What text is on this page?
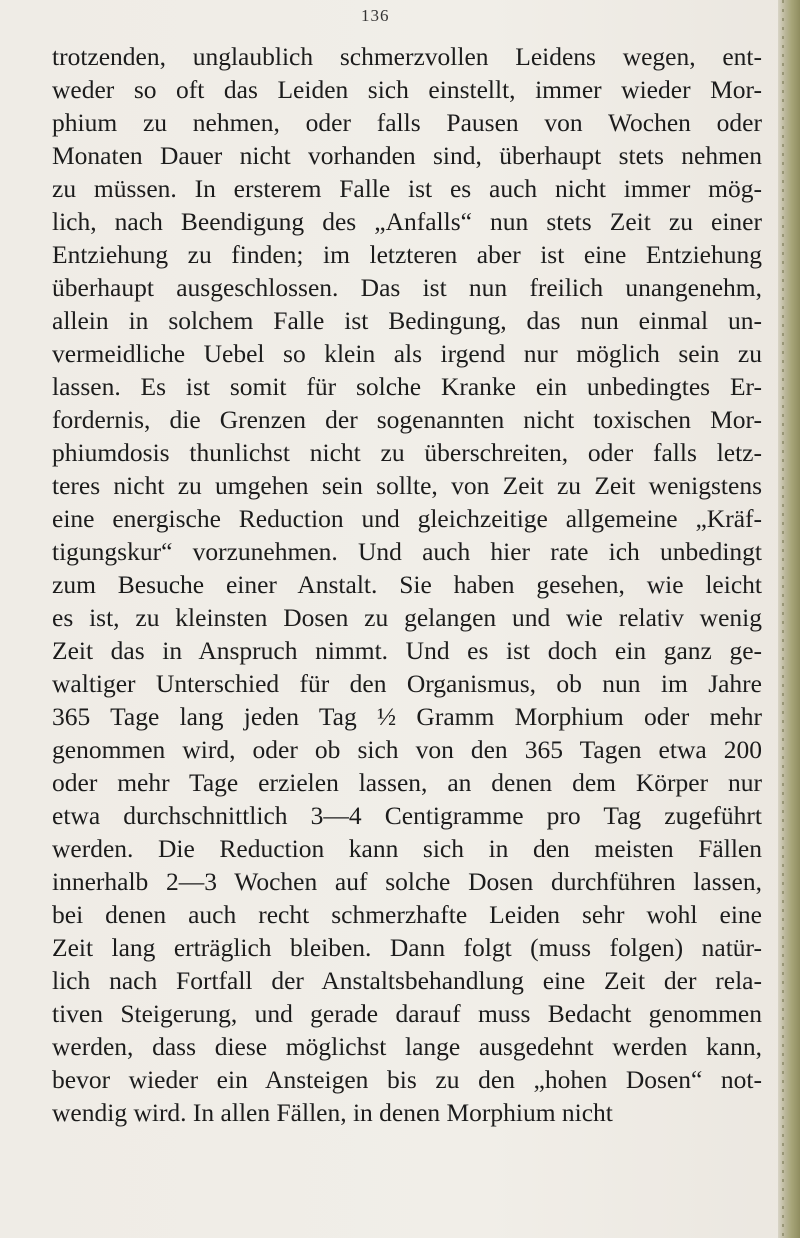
136
trotzenden, unglaublich schmerzvollen Leidens wegen, ent-
weder so oft das Leiden sich einstellt, immer wieder Mor-
phium zu nehmen, oder falls Pausen von Wochen oder
Monaten Dauer nicht vorhanden sind, überhaupt stets nehmen
zu müssen. In ersterem Falle ist es auch nicht immer mög-
lich, nach Beendigung des „Anfalls“ nun stets Zeit zu einer
Entziehung zu finden; im letzteren aber ist eine Entziehung
überhaupt ausgeschlossen. Das ist nun freilich unangenehm,
allein in solchem Falle ist Bedingung, das nun einmal un-
vermeidliche Uebel so klein als irgend nur möglich sein zu
lassen. Es ist somit für solche Kranke ein unbedingtes Er-
fordernis, die Grenzen der sogenannten nicht toxischen Mor-
phiumdosis thunlichst nicht zu überschreiten, oder falls letz-
teres nicht zu umgehen sein sollte, von Zeit zu Zeit wenigstens
eine energische Reduction und gleichzeitige allgemeine „Kräf-
tigungskur“ vorzunehmen. Und auch hier rate ich unbedingt
zum Besuche einer Anstalt. Sie haben gesehen, wie leicht
es ist, zu kleinsten Dosen zu gelangen und wie relativ wenig
Zeit das in Anspruch nimmt. Und es ist doch ein ganz ge-
waltiger Unterschied für den Organismus, ob nun im Jahre
365 Tage lang jeden Tag ½ Gramm Morphium oder mehr
genommen wird, oder ob sich von den 365 Tagen etwa 200
oder mehr Tage erzielen lassen, an denen dem Körper nur
etwa durchschnittlich 3—4 Centigramme pro Tag zugeführt
werden. Die Reduction kann sich in den meisten Fällen
innerhalb 2—3 Wochen auf solche Dosen durchführen lassen,
bei denen auch recht schmerzhafte Leiden sehr wohl eine
Zeit lang erträglich bleiben. Dann folgt (muss folgen) natür-
lich nach Fortfall der Anstaltsbehandlung eine Zeit der rela-
tiven Steigerung, und gerade darauf muss Bedacht genommen
werden, dass diese möglichst lange ausgedehnt werden kann,
bevor wieder ein Ansteigen bis zu den „hohen Dosen“ not-
wendig wird. In allen Fällen, in denen Morphium nicht
